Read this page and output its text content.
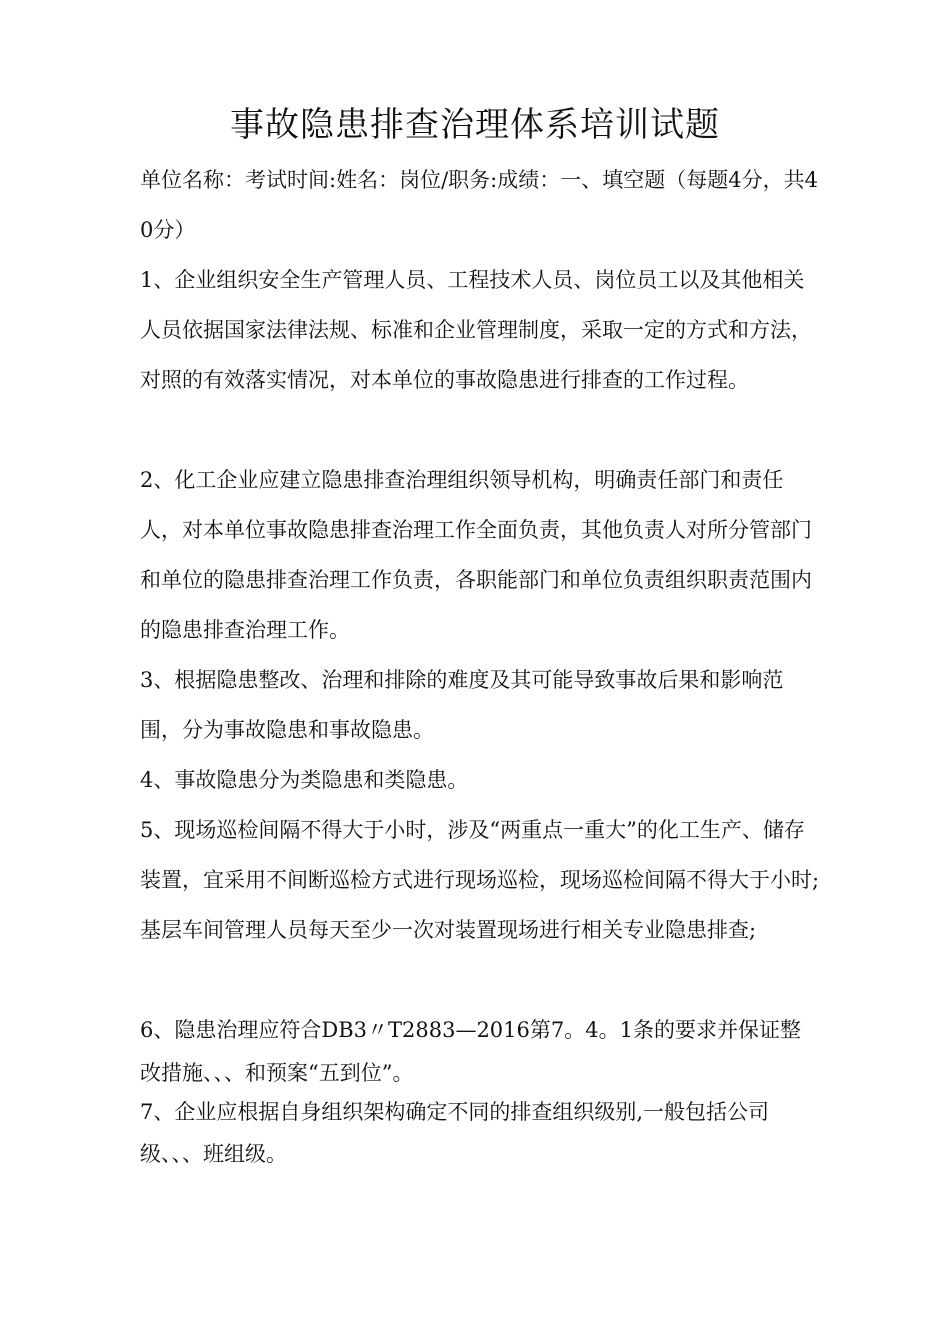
事故隐患排查治理体系培训试题

单位名称：考试时间:姓名：岗位/职务:成绩：一、填空题（每题4分，共40分）

1、企业组织安全生产管理人员、工程技术人员、岗位员工以及其他相关人员依据国家法律法规、标准和企业管理制度，采取一定的方式和方法，对照的有效落实情况，对本单位的事故隐患进行排查的工作过程。

2、化工企业应建立隐患排查治理组织领导机构，明确责任部门和责任人，对本单位事故隐患排查治理工作全面负责，其他负责人对所分管部门和单位的隐患排查治理工作负责，各职能部门和单位负责组织职责范围内的隐患排查治理工作。

3、根据隐患整改、治理和排除的难度及其可能导致事故后果和影响范围，分为事故隐患和事故隐患。

4、事故隐患分为类隐患和类隐患。

5、现场巡检间隔不得大于小时，涉及“两重点一重大”的化工生产、储存装置，宜采用不间断巡检方式进行现场巡检，现场巡检间隔不得大于小时;基层车间管理人员每天至少一次对装置现场进行相关专业隐患排查;

6、隐患治理应符合DB3〃T2883—2016第7。4。1条的要求并保证整

改措施、、、和预案“五到位”。

7、企业应根据自身组织架构确定不同的排查组织级别,一般包括公司级、、、班组级。
